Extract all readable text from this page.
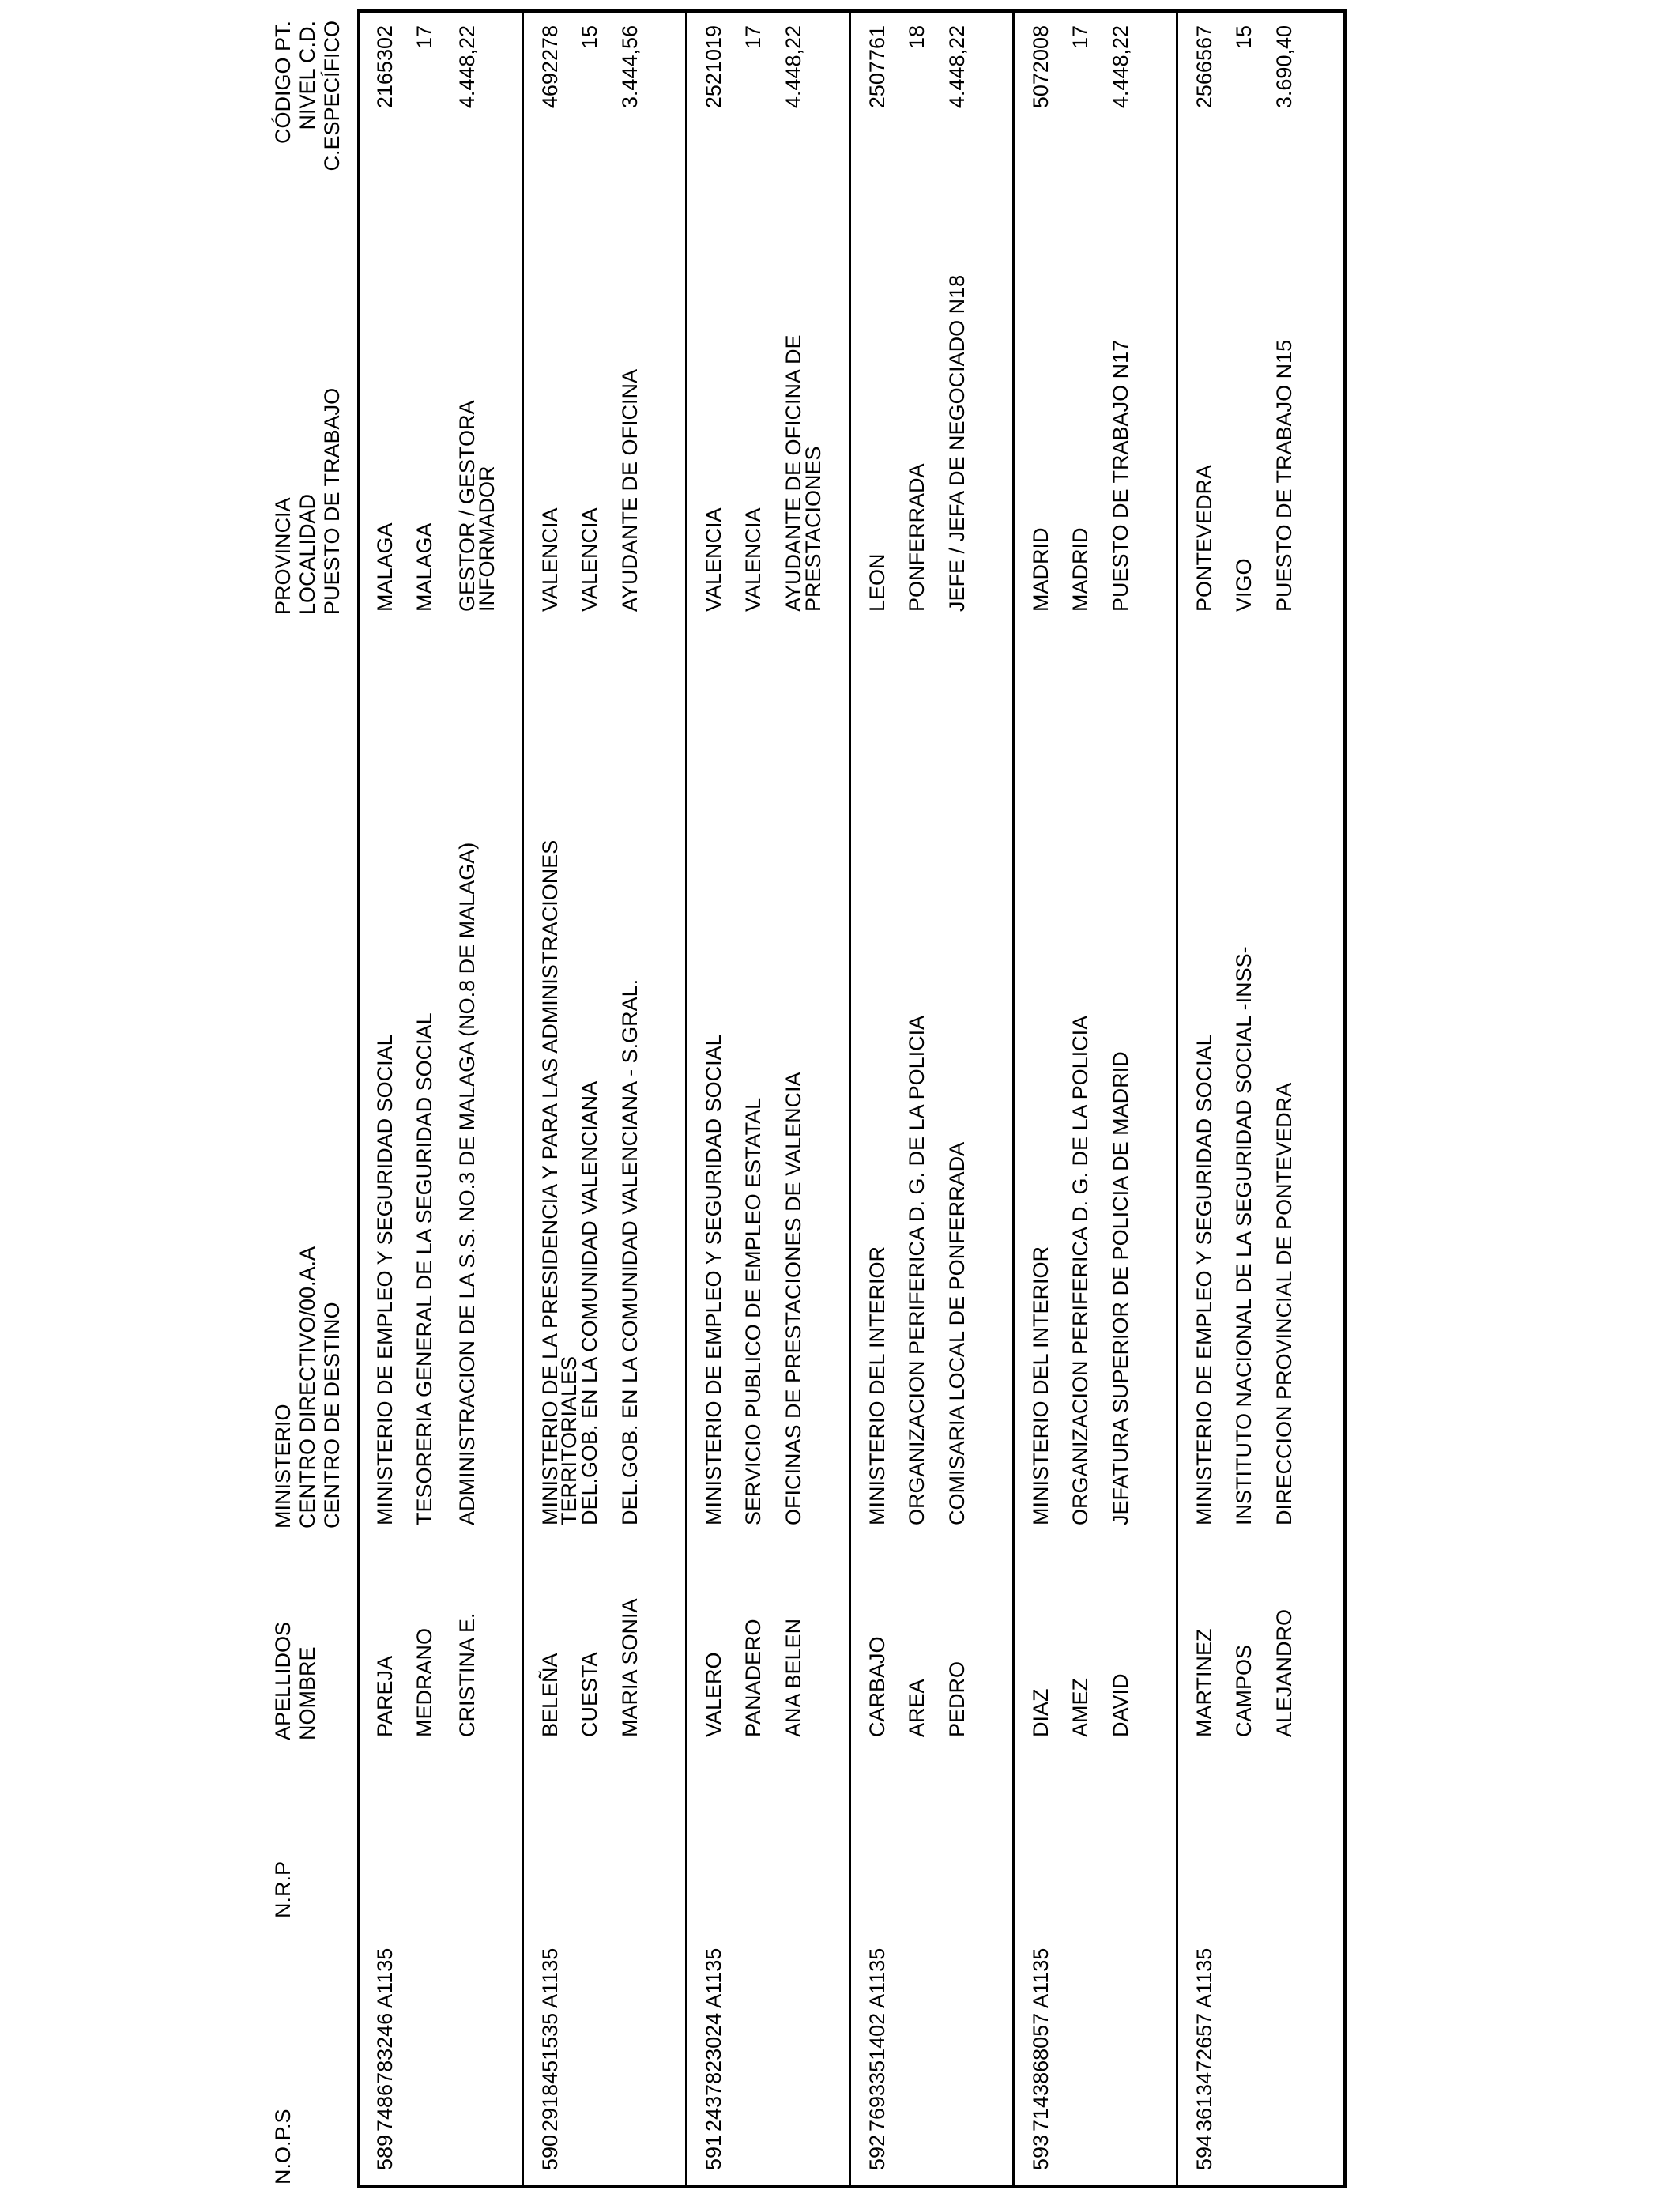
N.O.P.S
N.R.P
APELLIDOS NOMBRE
MINISTERIO CENTRO DIRECTIVO/00.A.A CENTRO DE DESTINO
PROVINCIA LOCALIDAD PUESTO DE TRABAJO
CÓDIGO PT. NIVEL C.D. C.ESPECÍFICO
589
7486783246 A1135
PAREJA MEDRANO CRISTINA E.
MINISTERIO DE EMPLEO Y SEGURIDAD SOCIAL TESORERIA GENERAL DE LA SEGURIDAD SOCIAL ADMINISTRACION DE LA S.S. NO.3 DE MALAGA (NO.8 DE MALAGA)
MALAGA MALAGA GESTOR / GESTORA
INFORMADOR
2165302 17 4.448,22
590
2918451535 A1135
BELEÑA CUESTA MARIA SONIA
MINISTERIO DE LA PRESIDENCIA Y PARA LAS ADMINISTRACIONES
TERRITORIALES
DEL.GOB. EN LA COMUNIDAD VALENCIANA DEL.GOB. EN LA COMUNIDAD VALENCIANA - S.GRAL.
VALENCIA VALENCIA AYUDANTE DE OFICINA
4692278 15 3.444,56
591
2437823024 A1135
VALERO PANADERO ANA BELEN
MINISTERIO DE EMPLEO Y SEGURIDAD SOCIAL SERVICIO PUBLICO DE EMPLEO ESTATAL OFICINAS DE PRESTACIONES DE VALENCIA
VALENCIA VALENCIA AYUDANTE DE OFICINA DE
PRESTACIONES
2521019 17 4.448,22
592
7693351402 A1135
CARBAJO AREA PEDRO
MINISTERIO DEL INTERIOR ORGANIZACION PERIFERICA D. G. DE LA POLICIA COMISARIA LOCAL DE PONFERRADA
LEON PONFERRADA JEFE / JEFA DE NEGOCIADO N18
2507761 18 4.448,22
593
7143868057 A1135
DIAZ AMEZ DAVID
MINISTERIO DEL INTERIOR ORGANIZACION PERIFERICA D. G. DE LA POLICIA JEFATURA SUPERIOR DE POLICIA DE MADRID
MADRID MADRID PUESTO DE TRABAJO N17
5072008 17 4.448,22
594
3613472657 A1135
MARTINEZ CAMPOS ALEJANDRO
MINISTERIO DE EMPLEO Y SEGURIDAD SOCIAL INSTITUTO NACIONAL DE LA SEGURIDAD SOCIAL -INSS- DIRECCION PROVINCIAL DE PONTEVEDRA
PONTEVEDRA VIGO PUESTO DE TRABAJO N15
2566567 15 3.690,40
